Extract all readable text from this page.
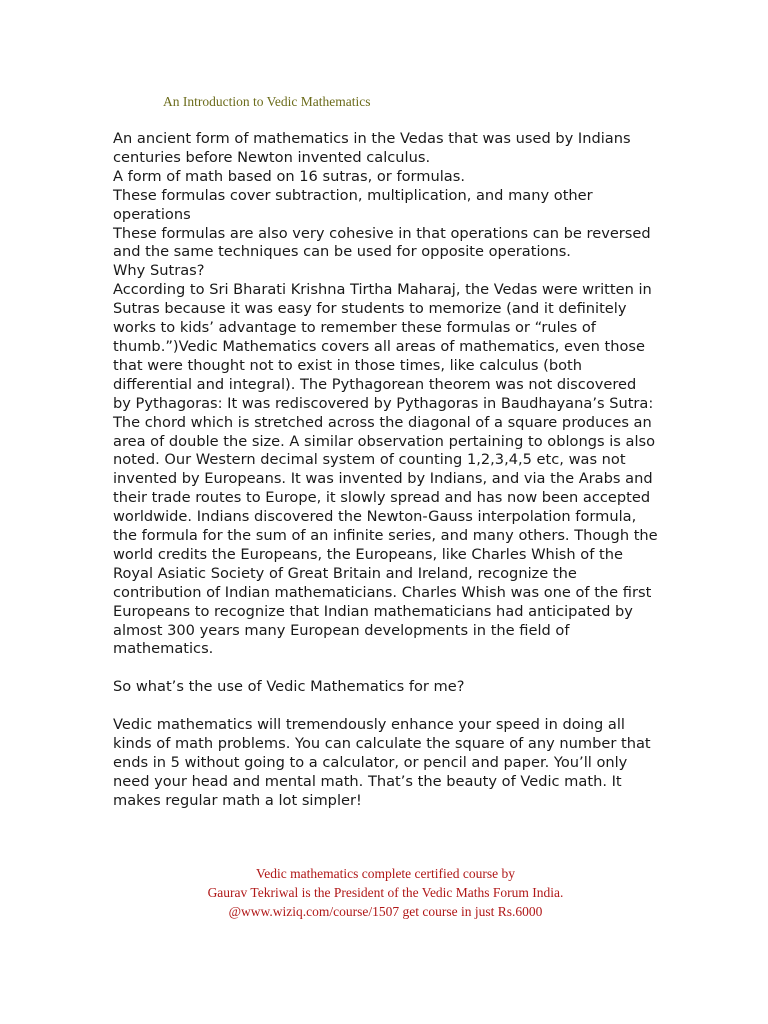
An Introduction to Vedic Mathematics

An ancient form of mathematics in the Vedas that was used by Indians centuries before Newton invented calculus.

A form of math based on 16 sutras, or formulas.

These formulas cover subtraction, multiplication, and many other operations

These formulas are also very cohesive in that operations can be reversed and the same techniques can be used for opposite operations.

Why Sutras?

According to Sri Bharati Krishna Tirtha Maharaj, the Vedas were written in Sutras because it was easy for students to memorize (and it definitely works to kids’ advantage to remember these formulas or “rules of thumb.”)Vedic Mathematics covers all areas of mathematics, even those that were thought not to exist in those times, like calculus (both differential and integral). The Pythagorean theorem was not discovered by Pythagoras: It was rediscovered by Pythagoras in Baudhayana’s Sutra: The chord which is stretched across the diagonal of a square produces an area of double the size. A similar observation pertaining to oblongs is also noted. Our Western decimal system of counting 1,2,3,4,5 etc, was not invented by Europeans. It was invented by Indians, and via the Arabs and their trade routes to Europe, it slowly spread and has now been accepted worldwide. Indians discovered the Newton-Gauss interpolation formula, the formula for the sum of an infinite series, and many others. Though the world credits the Europeans, the Europeans, like Charles Whish of the Royal Asiatic Society of Great Britain and Ireland, recognize the contribution of Indian mathematicians. Charles Whish was one of the first Europeans to recognize that Indian mathematicians had anticipated by almost 300 years many European developments in the field of mathematics.

So what’s the use of Vedic Mathematics for me?

Vedic mathematics will tremendously enhance your speed in doing all kinds of math problems. You can calculate the square of any number that ends in 5 without going to a calculator, or pencil and paper. You’ll only need your head and mental math. That’s the beauty of Vedic math. It makes regular math a lot simpler!

Vedic mathematics complete certified course by

Gaurav Tekriwal is the President of the Vedic Maths Forum India.

@www.wiziq.com/course/1507 get course in just Rs.6000
